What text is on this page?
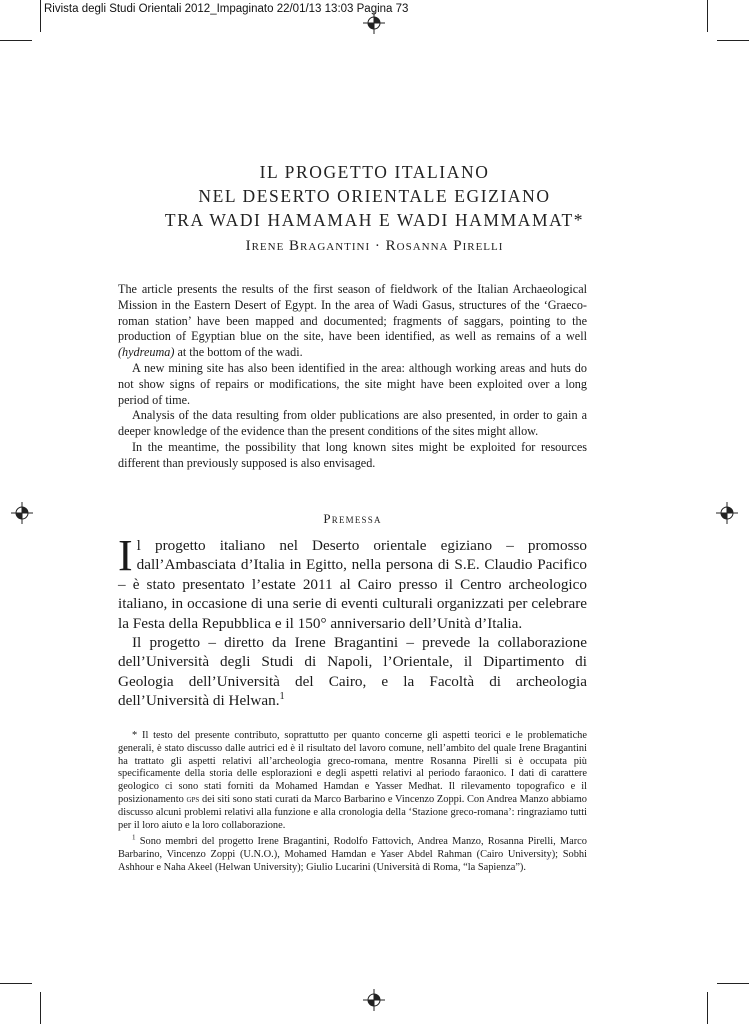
Rivista degli Studi Orientali 2012_Impaginato 22/01/13 13:03 Pagina 73
IL PROGETTO ITALIANO
NEL DESERTO ORIENTALE EGIZIANO
TRA WADI HAMAMAH E WADI HAMMAMAT*
Irene Bragantini · Rosanna Pirelli

The article presents the results of the first season of fieldwork of the Italian Archaeological Mission in the Eastern Desert of Egypt. In the area of Wadi Gasus, structures of the ‘Graeco-roman station’ have been mapped and documented; fragments of saggars, pointing to the production of Egyptian blue on the site, have been identified, as well as remains of a well (hydreuma) at the bottom of the wadi.

A new mining site has also been identified in the area: although working areas and huts do not show signs of repairs or modifications, the site might have been exploited over a long period of time.

Analysis of the data resulting from older publications are also presented, in order to gain a deeper knowledge of the evidence than the present conditions of the sites might allow.

In the meantime, the possibility that long known sites might be exploited for resources different than previously supposed is also envisaged.

Premessa

Il progetto italiano nel Deserto orientale egiziano – promosso dall’Ambasciata d’Italia in Egitto, nella persona di S.E. Claudio Pacifico – è stato presentato l’estate 2011 al Cairo presso il Centro archeologico italiano, in occasione di una serie di eventi culturali organizzati per celebrare la Festa della Repubblica e il 150° anniversario dell’Unità d’Italia.

Il progetto – diretto da Irene Bragantini – prevede la collaborazione dell’Università degli Studi di Napoli, l’Orientale, il Dipartimento di Geologia dell’Università del Cairo, e la Facoltà di archeologia dell’Università di Helwan.$^1$

* Il testo del presente contributo, soprattutto per quanto concerne gli aspetti teorici e le problematiche generali, è stato discusso dalle autrici ed è il risultato del lavoro comune, nell’ambito del quale Irene Bragantini ha trattato gli aspetti relativi all’archeologia greco-romana, mentre Rosanna Pirelli si è occupata più specificamente della storia delle esplorazioni e degli aspetti relativi al periodo faraonico. I dati di carattere geologico ci sono stati forniti da Mohamed Hamdan e Yasser Medhat. Il rilevamento topografico e il posizionamento gps dei siti sono stati curati da Marco Barbarino e Vincenzo Zoppi. Con Andrea Manzo abbiamo discusso alcuni problemi relativi alla funzione e alla cronologia della ‘Stazione greco-romana’: ringraziamo tutti per il loro aiuto e la loro collaborazione.

$^1$ Sono membri del progetto Irene Bragantini, Rodolfo Fattovich, Andrea Manzo, Rosanna Pirelli, Marco Barbarino, Vincenzo Zoppi (U.N.O.), Mohamed Hamdan e Yaser Abdel Rahman (Cairo University); Sobhi Ashhour e Naha Akeel (Helwan University); Giulio Lucarini (Università di Roma, “la Sapienza”).
